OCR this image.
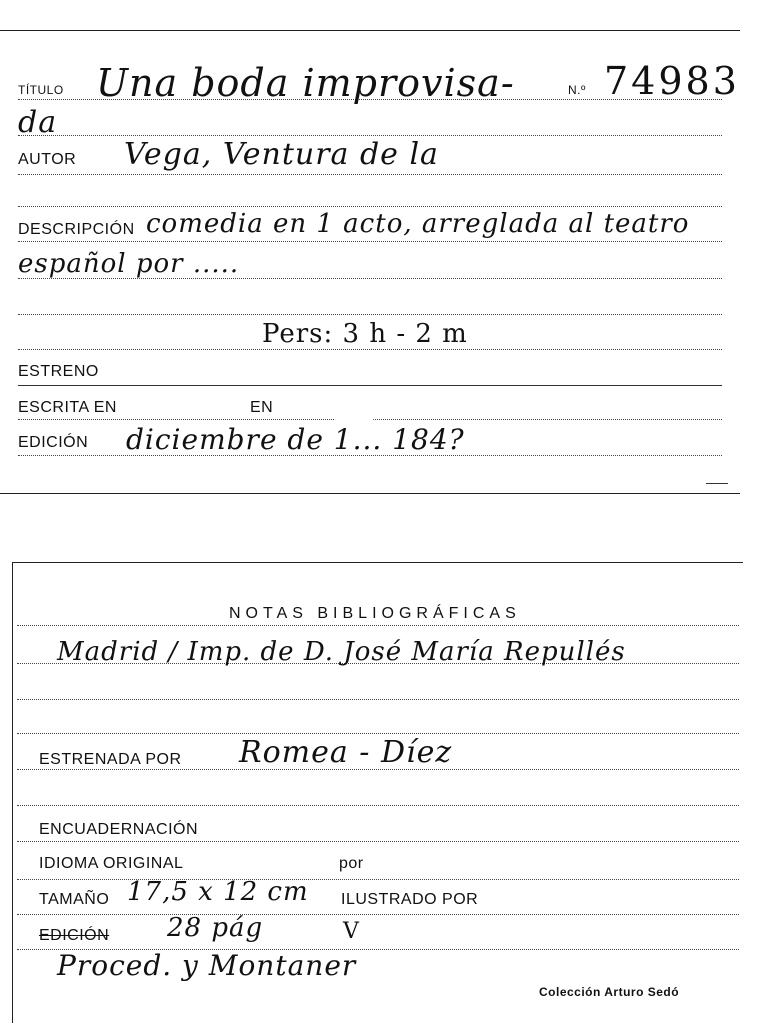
TÍTULO Una boda improvisa-	N.º 74983
da
AUTOR Vega, Ventura de la
DESCRIPCIÓN comedia en 1 acto, arreglada al teatro
español por .....
Pers: 3 h - 2 m
ESTRENO
ESCRITA EN	EN
EDICIÓN diciembre de 1... 184?
NOTAS BIBLIOGRÁFICAS
Madrid / Imp. de D. José María Repullés
ESTRENADA POR Romea - Díez
ENCUADERNACIÓN
IDIOMA ORIGINAL	por
TAMAÑO 17,5 x 12 cm ILUSTRADO POR
EDICIÓN 28 pág	V
Proced. y Montaner
Colección Arturo Sedó
